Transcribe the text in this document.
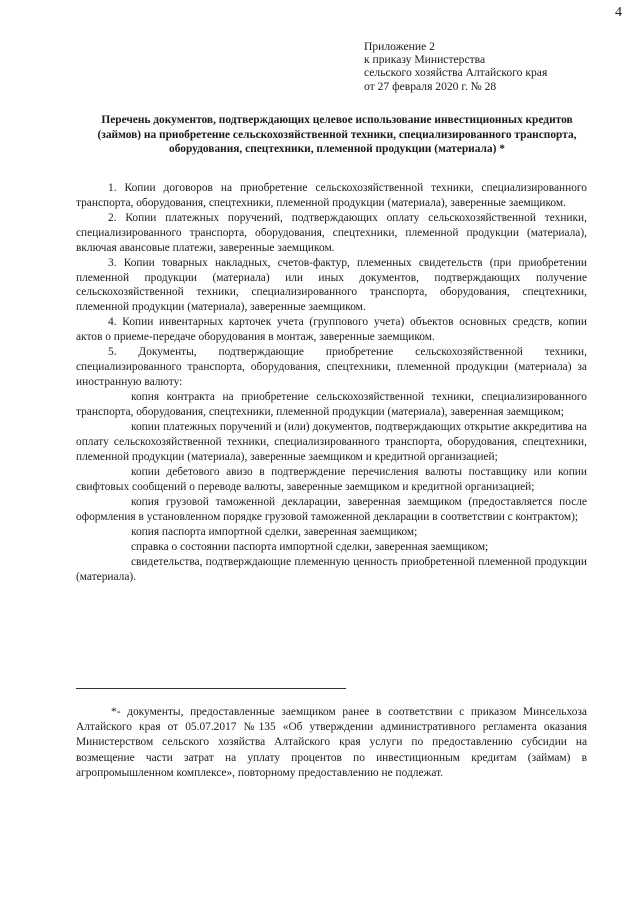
4
Приложение 2
к приказу Министерства
сельского хозяйства Алтайского края
от 27 февраля 2020 г. № 28
Перечень документов, подтверждающих целевое использование инвестиционных кредитов (займов) на приобретение сельскохозяйственной техники, специализированного транспорта, оборудования, спецтехники, племенной продукции (материала) *

1. Копии договоров на приобретение сельскохозяйственной техники, специализированного транспорта, оборудования, спецтехники, племенной продукции (материала), заверенные заемщиком.

2. Копии платежных поручений, подтверждающих оплату сельскохозяйственной техники, специализированного транспорта, оборудования, спецтехники, племенной продукции (материала), включая авансовые платежи, заверенные заемщиком.

3. Копии товарных накладных, счетов-фактур, племенных свидетельств (при приобретении племенной продукции (материала) или иных документов, подтверждающих получение сельскохозяйственной техники, специализированного транспорта, оборудования, спецтехники, племенной продукции (материала), заверенные заемщиком.

4. Копии инвентарных карточек учета (группового учета) объектов основных средств, копии актов о приеме-передаче оборудования в монтаж, заверенные заемщиком.

5. Документы, подтверждающие приобретение сельскохозяйственной техники, специализированного транспорта, оборудования, спецтехники, племенной продукции (материала) за иностранную валюту:

копия контракта на приобретение сельскохозяйственной техники, специализированного транспорта, оборудования, спецтехники, племенной продукции (материала), заверенная заемщиком;

копии платежных поручений и (или) документов, подтверждающих открытие аккредитива на оплату сельскохозяйственной техники, специализированного транспорта, оборудования, спецтехники, племенной продукции (материала), заверенные заемщиком и кредитной организацией;

копии дебетового авизо в подтверждение перечисления валюты поставщику или копии свифтовых сообщений о переводе валюты, заверенные заемщиком и кредитной организацией;

копия грузовой таможенной декларации, заверенная заемщиком (предоставляется после оформления в установленном порядке грузовой таможенной декларации в соответствии с контрактом);

копия паспорта импортной сделки, заверенная заемщиком;

справка о состоянии паспорта импортной сделки, заверенная заемщиком;

свидетельства, подтверждающие племенную ценность приобретенной племенной продукции (материала).

*- документы, предоставленные заемщиком ранее в соответствии с приказом Минсельхоза Алтайского края от 05.07.2017 №135 «Об утверждении административного регламента оказания Министерством сельского хозяйства Алтайского края услуги по предоставлению субсидии на возмещение части затрат на уплату процентов по инвестиционным кредитам (займам) в агропромышленном комплексе», повторному предоставлению не подлежат.
